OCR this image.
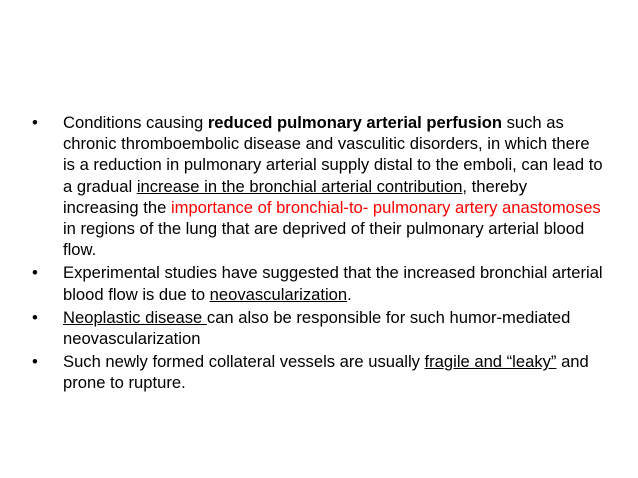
• Conditions causing reduced pulmonary arterial perfusion such as chronic thromboembolic disease and vasculitic disorders, in which there is a reduction in pulmonary arterial supply distal to the emboli, can lead to a gradual increase in the bronchial arterial contribution, thereby increasing the importance of bronchial-to- pulmonary artery anastomoses in regions of the lung that are deprived of their pulmonary arterial blood flow.
• Experimental studies have suggested that the increased bronchial arterial blood flow is due to neovascularization.
• Neoplastic disease can also be responsible for such humor-mediated neovascularization
• Such newly formed collateral vessels are usually fragile and “leaky” and prone to rupture.
